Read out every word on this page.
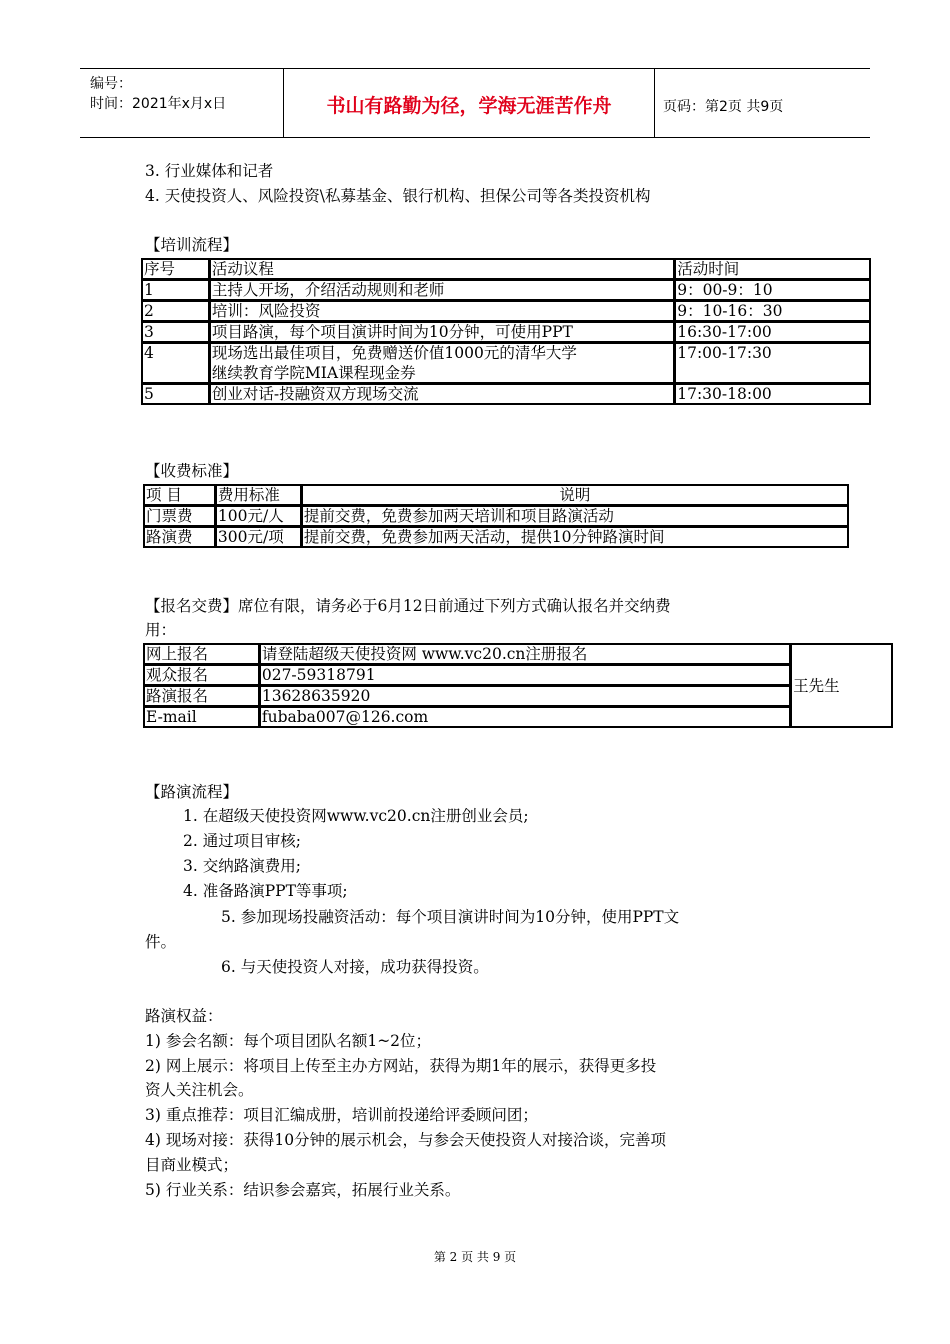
编号：
时间：2021年x月x日	书山有路勤为径，学海无涯苦作舟	页码：第2页 共9页
3. 行业媒体和记者
4. 天使投资人、风险投资\私募基金、银行机构、担保公司等各类投资机构
【培训流程】
序号	活动议程	活动时间
1	主持人开场，介绍活动规则和老师	9：00-9：10
2	培训：风险投资	9：10-16：30
3	项目路演，每个项目演讲时间为10分钟，可使用PPT	16:30-17:00
4	现场选出最佳项目，免费赠送价值1000元的清华大学
继续教育学院MIA课程现金券	17:00-17:30
5	创业对话-投融资双方现场交流	17:30-18:00
【收费标准】
项 目	费用标准	说明
门票费	100元/人	提前交费，免费参加两天培训和项目路演活动
路演费	300元/项	提前交费，免费参加两天活动，提供10分钟路演时间
【报名交费】席位有限，请务必于6月12日前通过下列方式确认报名并交纳费
用：
网上报名	请登陆超级天使投资网 www.vc20.cn注册报名	王先生
观众报名	027-59318791	
路演报名	13628635920	
E-mail	fubaba007@126.com	
【路演流程】
1. 在超级天使投资网www.vc20.cn注册创业会员;
2. 通过项目审核;
3. 交纳路演费用;
4. 准备路演PPT等事项;
5. 参加现场投融资活动：每个项目演讲时间为10分钟，使用PPT文
件。
6. 与天使投资人对接，成功获得投资。
路演权益：
1) 参会名额：每个项目团队名额1~2位；
2) 网上展示：将项目上传至主办方网站，获得为期1年的展示，获得更多投
资人关注机会。
3) 重点推荐：项目汇编成册，培训前投递给评委顾问团；
4) 现场对接：获得10分钟的展示机会，与参会天使投资人对接洽谈，完善项
目商业模式；
5) 行业关系：结识参会嘉宾，拓展行业关系。
第 2 页 共 9 页
